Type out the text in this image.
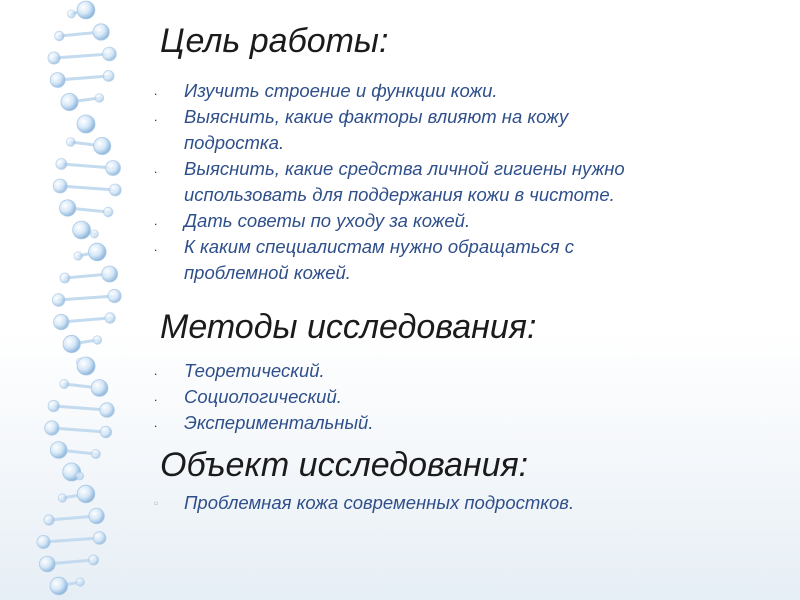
Цель работы:
. Изучить строение и функции кожи.
. Выяснить, какие факторы влияют на кожу
подростка.
. Выяснить, какие средства личной гигиены нужно
использовать для поддержания кожи в чистоте.
. Дать советы по уходу за кожей.
. К каким специалистам нужно обращаться с
проблемной кожей.
Методы исследования:
. Теоретический.
. Социологический.
. Экспериментальный.
Объект исследования:
▫ Проблемная кожа современных подростков.
